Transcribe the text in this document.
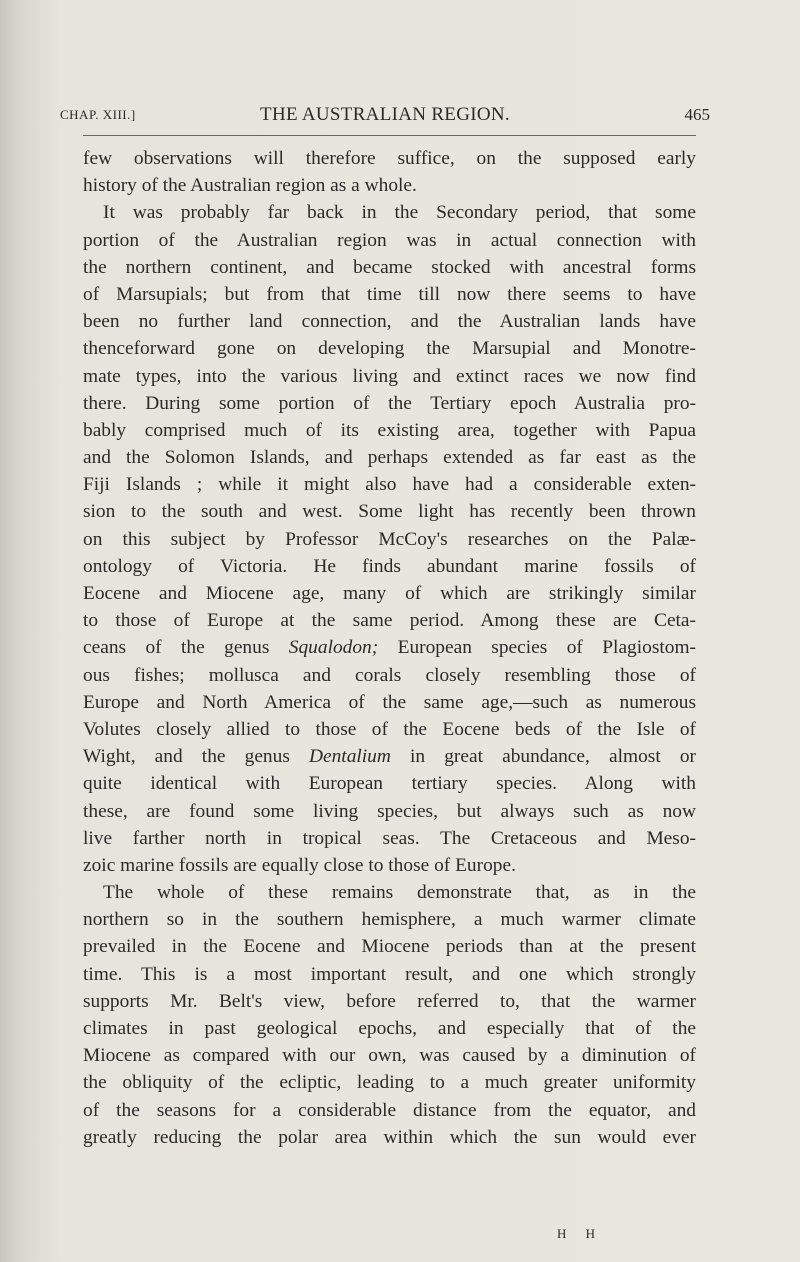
CHAP. XIII.]	THE AUSTRALIAN REGION.	465
few observations will therefore suffice, on the supposed early
history of the Australian region as a whole.
It was probably far back in the Secondary period, that some
portion of the Australian region was in actual connection with
the northern continent, and became stocked with ancestral forms
of Marsupials; but from that time till now there seems to have
been no further land connection, and the Australian lands have
thenceforward gone on developing the Marsupial and Monotre-
mate types, into the various living and extinct races we now find
there. During some portion of the Tertiary epoch Australia pro-
bably comprised much of its existing area, together with Papua
and the Solomon Islands, and perhaps extended as far east as the
Fiji Islands ; while it might also have had a considerable exten-
sion to the south and west. Some light has recently been thrown
on this subject by Professor McCoy's researches on the Palæ-
ontology of Victoria. He finds abundant marine fossils of
Eocene and Miocene age, many of which are strikingly similar
to those of Europe at the same period. Among these are Ceta-
ceans of the genus Squalodon; European species of Plagiostom-
ous fishes; mollusca and corals closely resembling those of
Europe and North America of the same age,—such as numerous
Volutes closely allied to those of the Eocene beds of the Isle of
Wight, and the genus Dentalium in great abundance, almost or
quite identical with European tertiary species. Along with
these, are found some living species, but always such as now
live farther north in tropical seas. The Cretaceous and Meso-
zoic marine fossils are equally close to those of Europe.
The whole of these remains demonstrate that, as in the
northern so in the southern hemisphere, a much warmer climate
prevailed in the Eocene and Miocene periods than at the present
time. This is a most important result, and one which strongly
supports Mr. Belt's view, before referred to, that the warmer
climates in past geological epochs, and especially that of the
Miocene as compared with our own, was caused by a diminution of
the obliquity of the ecliptic, leading to a much greater uniformity
of the seasons for a considerable distance from the equator, and
greatly reducing the polar area within which the sun would ever
H H
